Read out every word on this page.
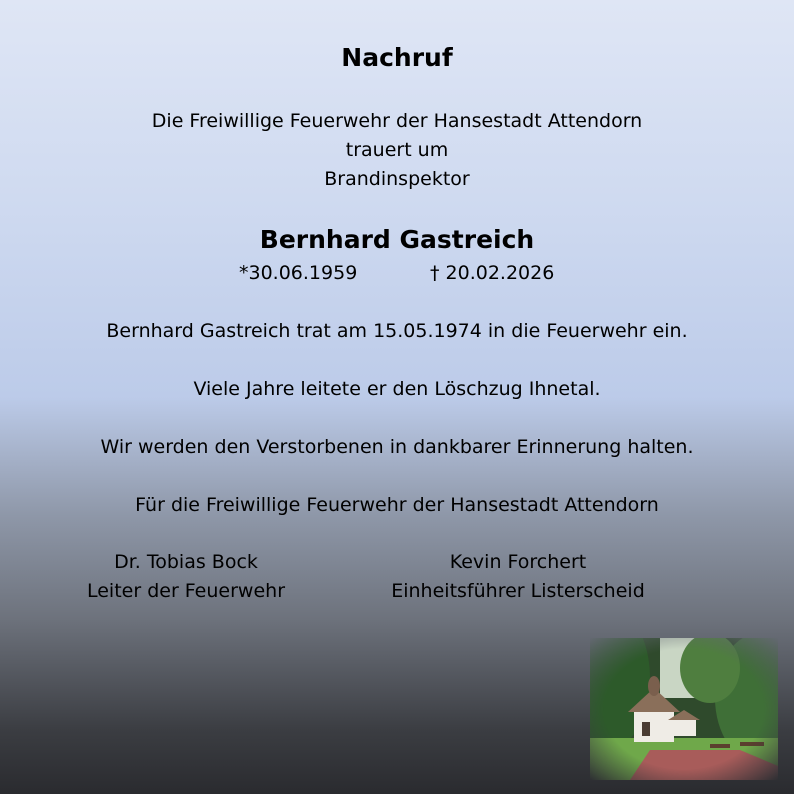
Nachruf
Die Freiwillige Feuerwehr der Hansestadt Attendorn
trauert um
Brandinspektor
Bernhard Gastreich
*30.06.1959	† 20.02.2026
Bernhard Gastreich trat am 15.05.1974 in die Feuerwehr ein.
Viele Jahre leitete er den Löschzug Ihnetal.
Wir werden den Verstorbenen in dankbarer Erinnerung halten.
Für die Freiwillige Feuerwehr der Hansestadt Attendorn
Dr. Tobias Bock
Leiter der Feuerwehr
Kevin Forchert
Einheitsführer Listerscheid
